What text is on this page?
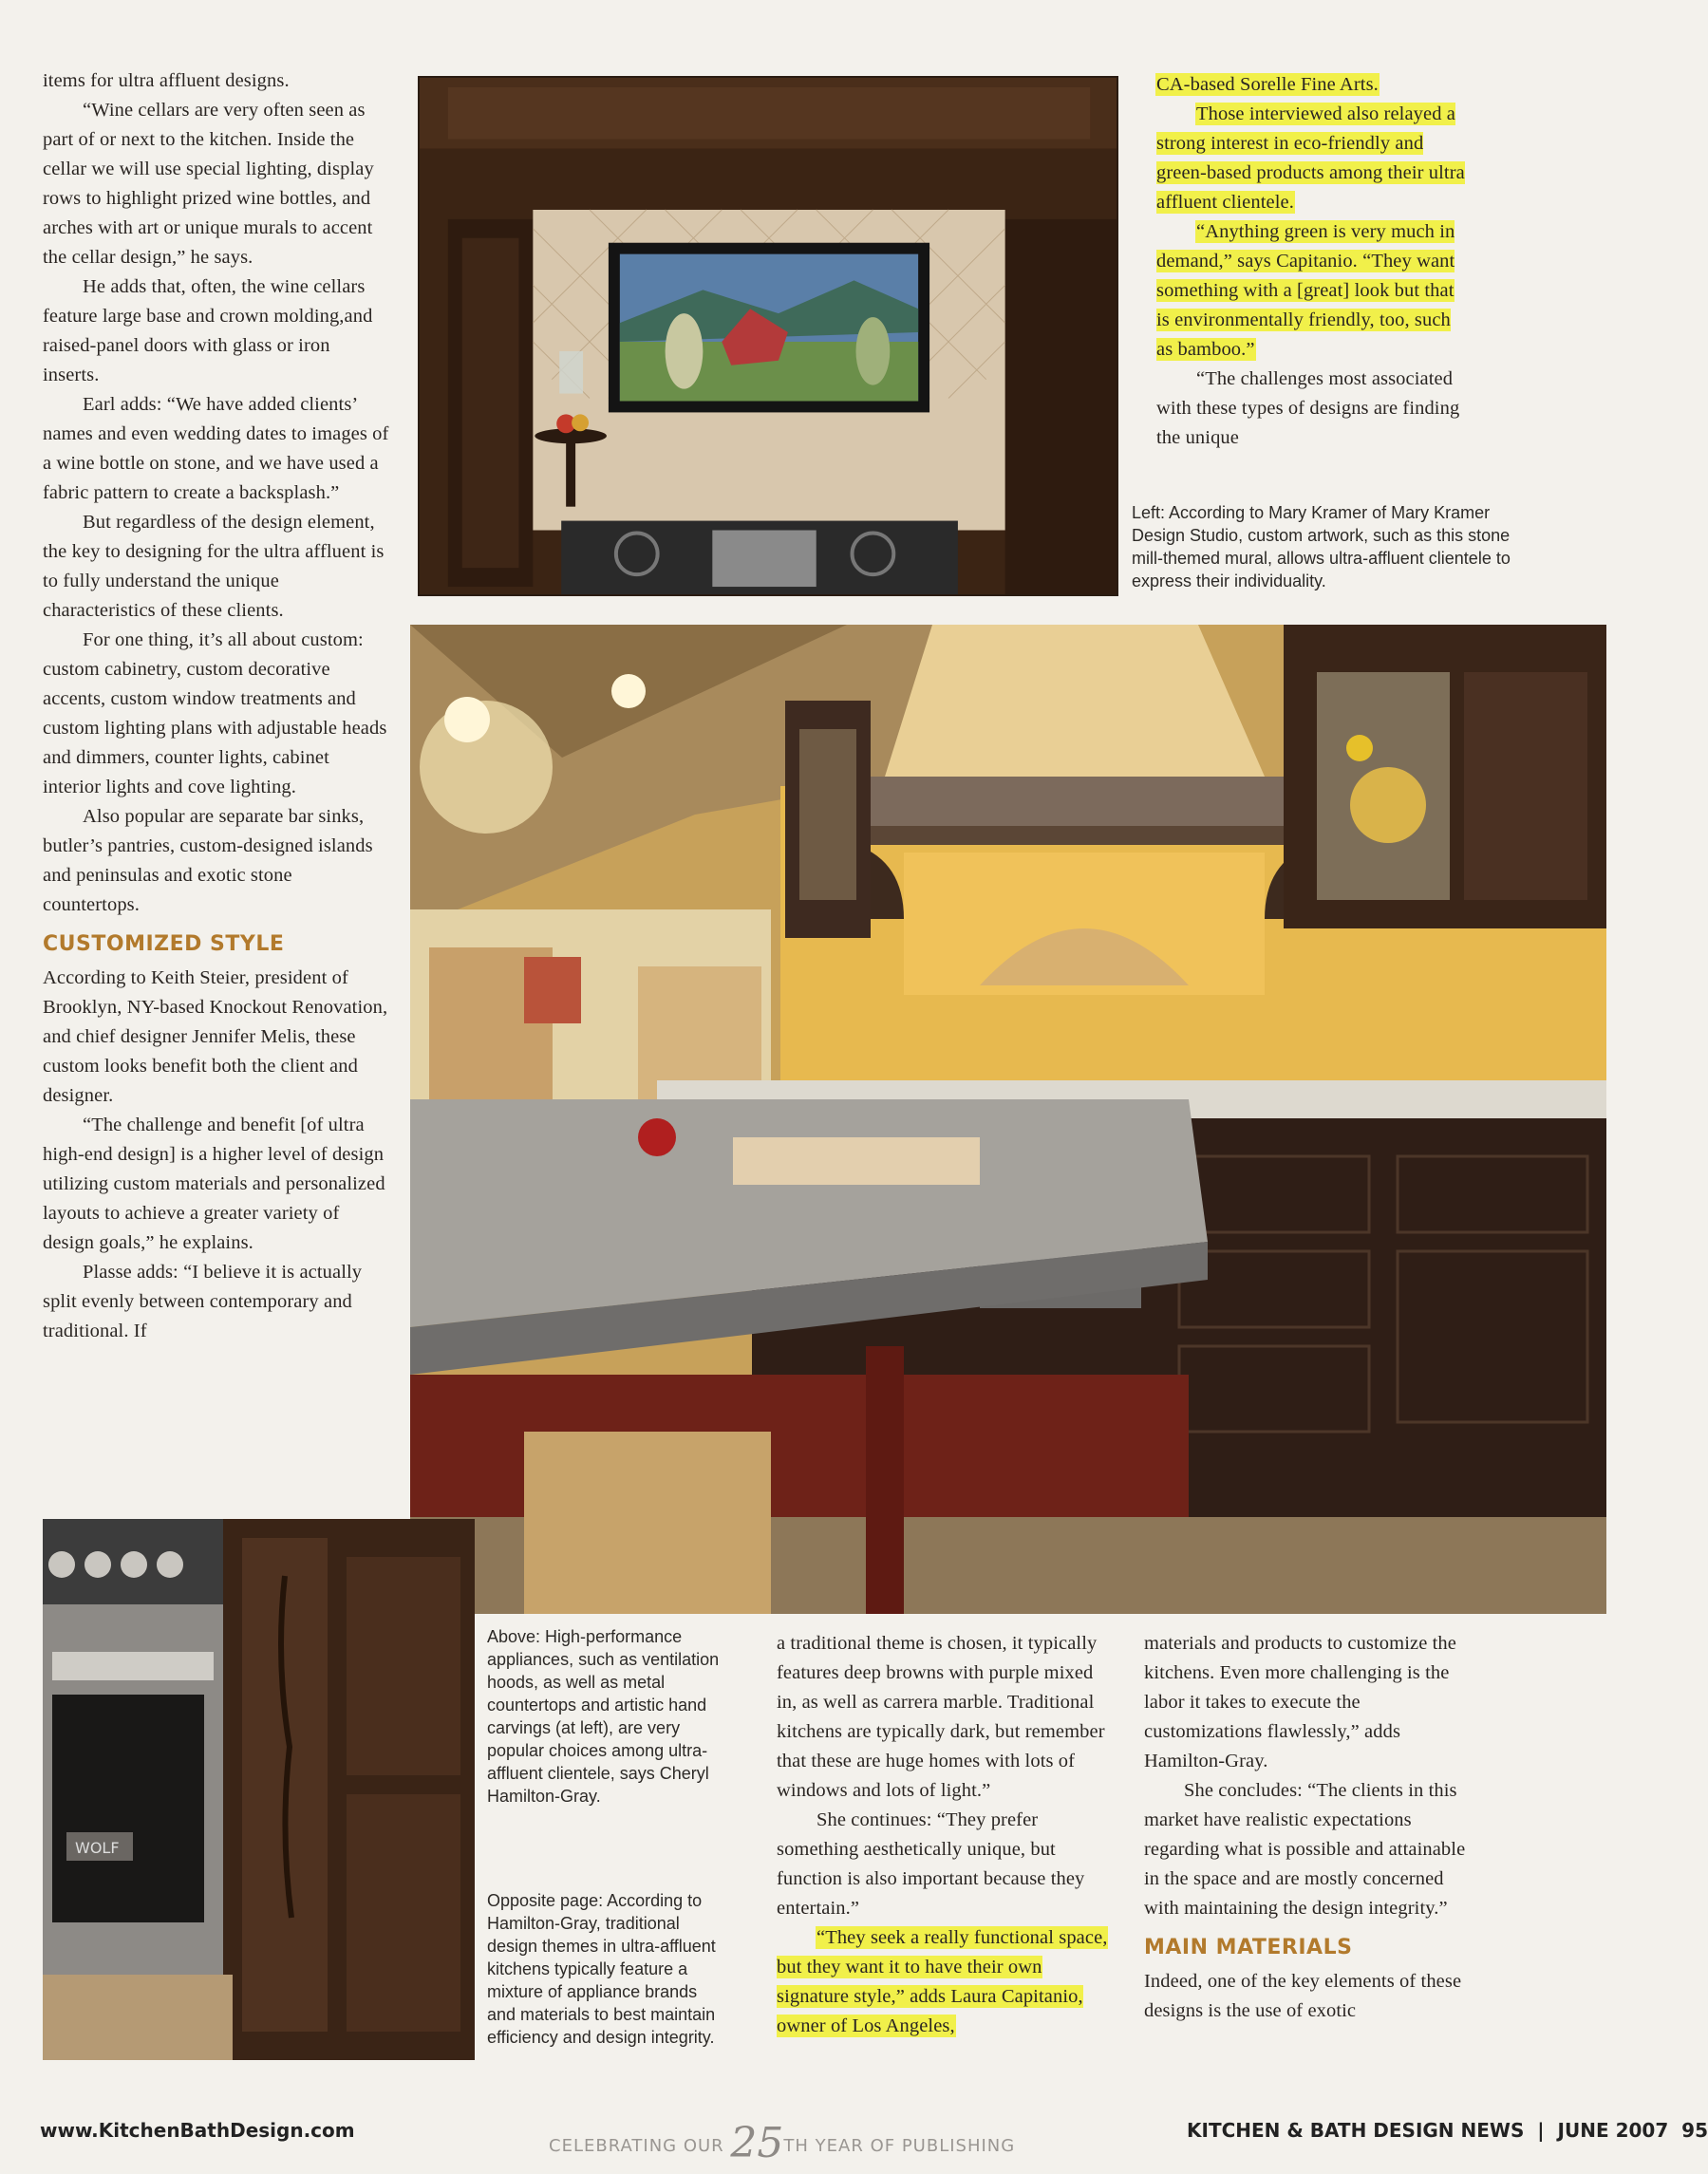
items for ultra affluent designs.

“Wine cellars are very often seen as part of or next to the kitchen. Inside the cellar we will use special lighting, display rows to highlight prized wine bottles, and arches with art or unique murals to accent the cellar design,” he says.

He adds that, often, the wine cellars feature large base and crown molding,and raised-panel doors with glass or iron inserts.

Earl adds: “We have added clients’ names and even wedding dates to images of a wine bottle on stone, and we have used a fabric pattern to create a backsplash.”

But regardless of the design element, the key to designing for the ultra affluent is to fully understand the unique characteristics of these clients.

For one thing, it’s all about custom: custom cabinetry, custom decorative accents, custom window treatments and custom lighting plans with adjustable heads and dimmers, counter lights, cabinet interior lights and cove lighting.

Also popular are separate bar sinks, butler’s pantries, custom-designed islands and peninsulas and exotic stone countertops.

CUSTOMIZED STYLE

According to Keith Steier, president of Brooklyn, NY-based Knockout Renovation, and chief designer Jennifer Melis, these custom looks benefit both the client and designer.

“The challenge and benefit [of ultra high-end design] is a higher level of design utilizing custom materials and personalized layouts to achieve a greater variety of design goals,” he explains.

Plasse adds: “I believe it is actually split evenly between contemporary and traditional. If

CA-based Sorelle Fine Arts.

Those interviewed also relayed a strong interest in eco-friendly and green-based products among their ultra affluent clientele.

“Anything green is very much in demand,” says Capitanio. “They want something with a [great] look but that is environmentally friendly, too, such as bamboo.”

“The challenges most associated with these types of designs are finding the unique

Left: According to Mary Kramer of Mary Kramer Design Studio, custom artwork, such as this stone mill-themed mural, allows ultra-affluent clientele to express their individuality.
WOLF
Above: High-performance appliances, such as ventilation hoods, as well as metal countertops and artistic hand carvings (at left), are very popular choices among ultra-affluent clientele, says Cheryl Hamilton-Gray.
Opposite page: According to Hamilton-Gray, traditional design themes in ultra-affluent kitchens typically feature a mixture of appliance brands and materials to best maintain efficiency and design integrity.

a traditional theme is chosen, it typically features deep browns with purple mixed in, as well as carrera marble. Traditional kitchens are typically dark, but remember that these are huge homes with lots of windows and lots of light.”

She continues: “They prefer something aesthetically unique, but function is also important because they entertain.”

“They seek a really functional space, but they want it to have their own signature style,” adds Laura Capitanio, owner of Los Angeles,

materials and products to customize the kitchens. Even more challenging is the labor it takes to execute the customizations flawlessly,” adds Hamilton-Gray.

She concludes: “The clients in this market have realistic expectations regarding what is possible and attainable in the space and are mostly concerned with maintaining the design integrity.”

MAIN MATERIALS

Indeed, one of the key elements of these designs is the use of exotic

www.KitchenBathDesign.com
CELEBRATING OUR 25TH YEAR OF PUBLISHING
KITCHEN & BATH DESIGN NEWS  |  JUNE 2007  95
